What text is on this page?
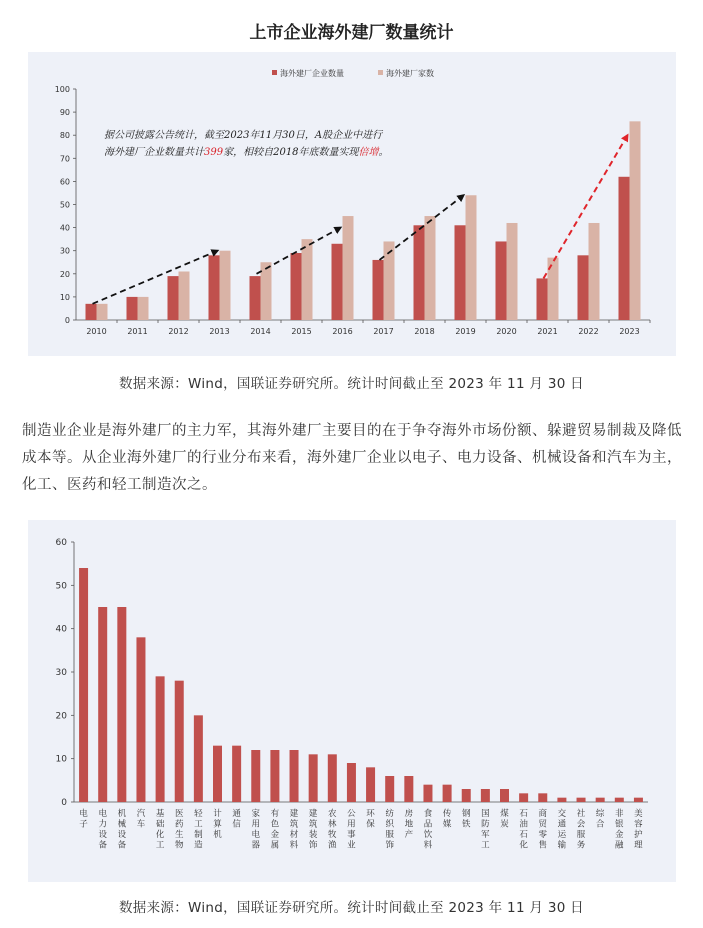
上市企业海外建厂数量统计
0
10
20
30
40
50
60
70
80
90
100
2010	2011	2012	2013	2014	2015	2016	2017	2018	2019	2020	2021	2022	2023
海外建厂企业数量	海外建厂家数
据公司披露公告统计，截至2023年11月30日，A股企业中进行
海外建厂企业数量共计399家，相较自2018年底数量实现倍增。
数据来源：Wind，国联证券研究所。统计时间截止至 2023 年 11 月 30 日
制造业企业是海外建厂的主力军，其海外建厂主要目的在于争夺海外市场份额、躲避贸易制裁及降低成本等。从企业海外建厂的行业分布来看，海外建厂企业以电子、电力设备、机械设备和汽车为主，化工、医药和轻工制造次之。
0
10
20
30
40
50
60
电子
电力设备
机械设备
汽车
基础化工
医药生物
轻工制造
计算机
通信
家用电器
有色金属
建筑材料
建筑装饰
农林牧渔
公用事业
环保
纺织服饰
房地产
食品饮料
传媒
钢铁
国防军工
煤炭
石油石化
商贸零售
交通运输
社会服务
综合
非银金融
美容护理
数据来源：Wind，国联证券研究所。统计时间截止至 2023 年 11 月 30 日
